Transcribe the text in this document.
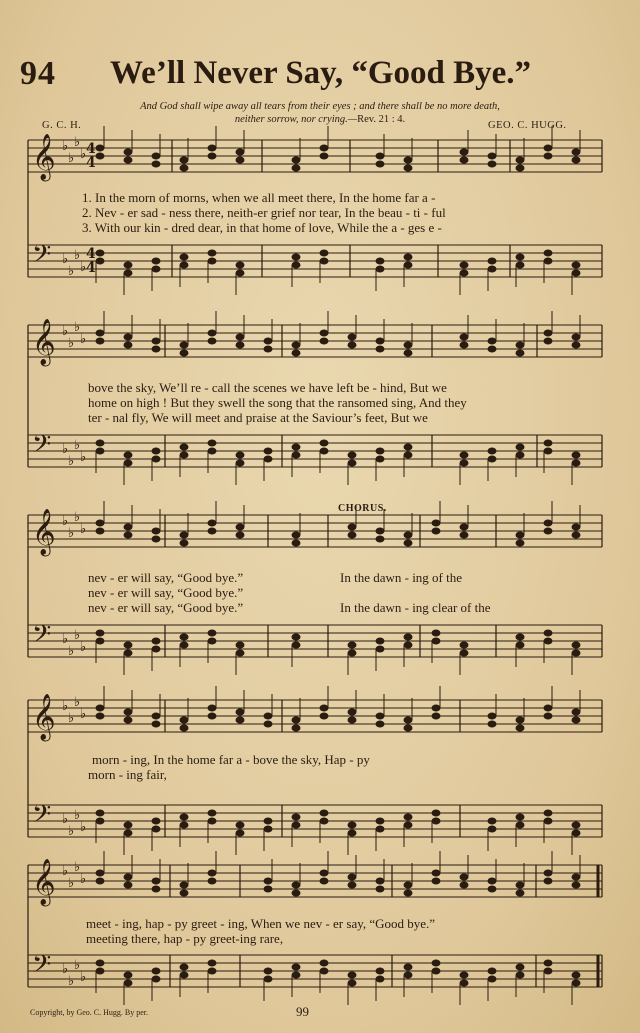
94 We’ll Never Say, “Good Bye.”
And God shall wipe away all tears from their eyes ; and there shall be no more death,
neither sorrow, nor crying.—Rev. 21 : 4.
G. C. H.	GEO. C. HUGG.
𝄞
𝄢
𝄞
𝄢
𝄞
𝄢
𝄞
𝄢
𝄞
𝄢
♭
♭
♭
♭
♭
♭
♭
♭
♭
♭
♭
♭
♭
♭
♭
♭
♭
♭
♭
♭
♭
♭
♭
♭
♭
♭
♭
♭
♭
♭
♭
♭
♭
♭
♭
♭
♭
♭
♭
♭
4
4
4
4
1. In the morn of morns, when we all meet there, In the home far a -
2. Nev - er sad - ness there, neith-er grief nor tear, In the beau - ti - ful
3. With our kin - dred dear, in that home of love, While the a - ges e -
bove the sky, We’ll re - call the scenes we have left be - hind, But we
home on high ! But they swell the song that the ransomed sing, And they
ter - nal fly, We will meet and praise at the Saviour’s feet, But we
CHORUS.
nev - er will say, “Good bye.”
nev - er will say, “Good bye.”
nev - er will say, “Good bye.”
In the dawn - ing of the
In the dawn - ing clear of the
morn - ing, In the home far a - bove the sky, Hap - py
morn - ing fair,
meet - ing, hap - py greet - ing, When we nev - er say, “Good bye.”
meeting there, hap - py greet-ing rare,
Copyright, by Geo. C. Hugg. By per.	99
